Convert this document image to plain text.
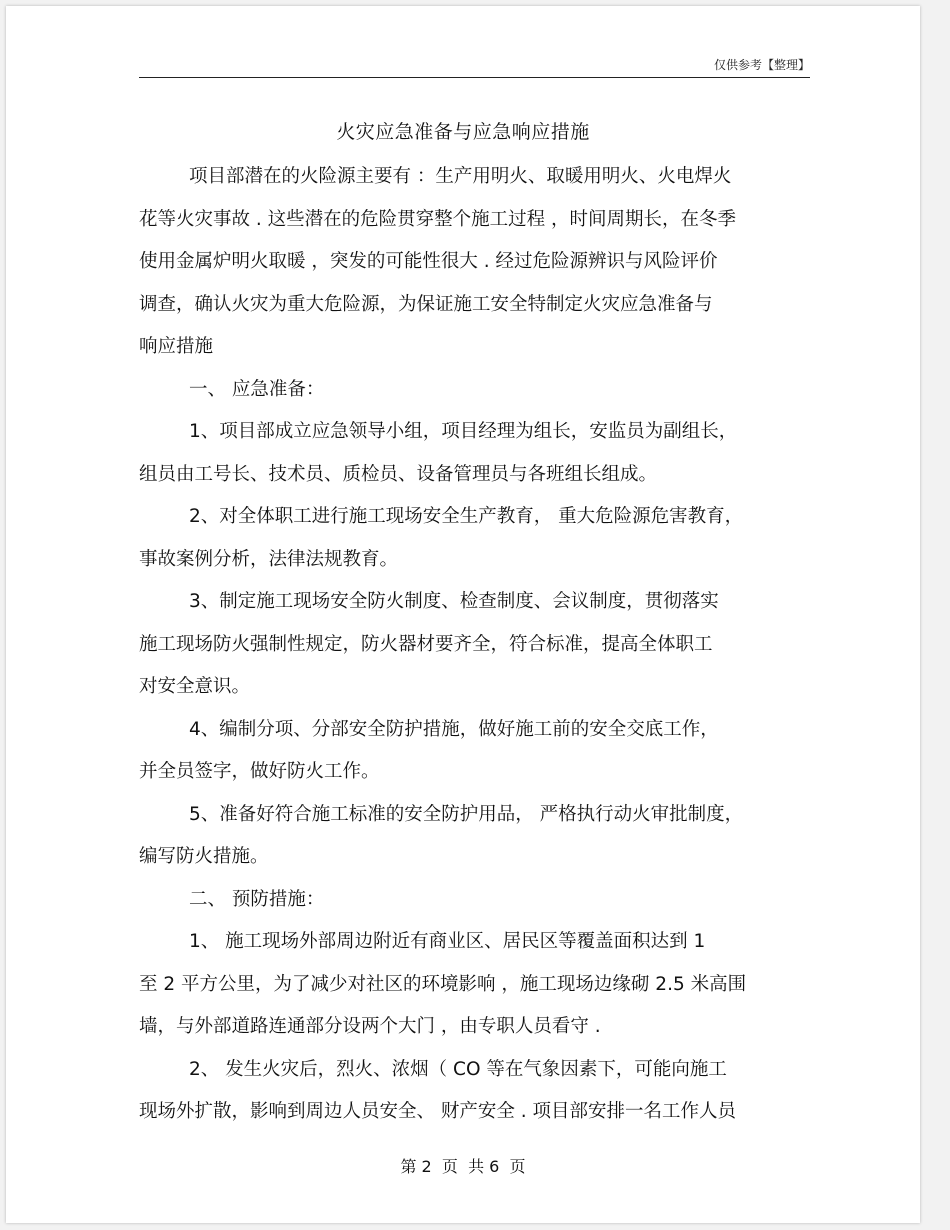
仅供参考【整理】
火灾应急准备与应急响应措施
项目部潜在的火险源主要有 ：生产用明火、取暖用明火、火电焊火
花等火灾事故 . 这些潜在的危险贯穿整个施工过程 ，时间周期长，在冬季
使用金属炉明火取暖 ，突发的可能性很大 . 经过危险源辨识与风险评价
调查，确认火灾为重大危险源，为保证施工安全特制定火灾应急准备与
响应措施
一、 应急准备：
1、项目部成立应急领导小组，项目经理为组长，安监员为副组长，
组员由工号长、技术员、质检员、设备管理员与各班组长组成。
2、对全体职工进行施工现场安全生产教育， 重大危险源危害教育，
事故案例分析，法律法规教育。
3、制定施工现场安全防火制度、检查制度、会议制度，贯彻落实
施工现场防火强制性规定，防火器材要齐全，符合标准，提高全体职工
对安全意识。
4、编制分项、分部安全防护措施，做好施工前的安全交底工作，
并全员签字，做好防火工作。
5、准备好符合施工标准的安全防护用品， 严格执行动火审批制度，
编写防火措施。
二、 预防措施：
1、 施工现场外部周边附近有商业区、居民区等覆盖面积达到 1
至 2 平方公里，为了减少对社区的环境影响 ，施工现场边缘砌 2.5 米高围
墙，与外部道路连通部分设两个大门 ，由专职人员看守 .
2、 发生火灾后，烈火、浓烟（ CO 等在气象因素下，可能向施工
现场外扩散，影响到周边人员安全、 财产安全 . 项目部安排一名工作人员
第 2  页  共 6  页
